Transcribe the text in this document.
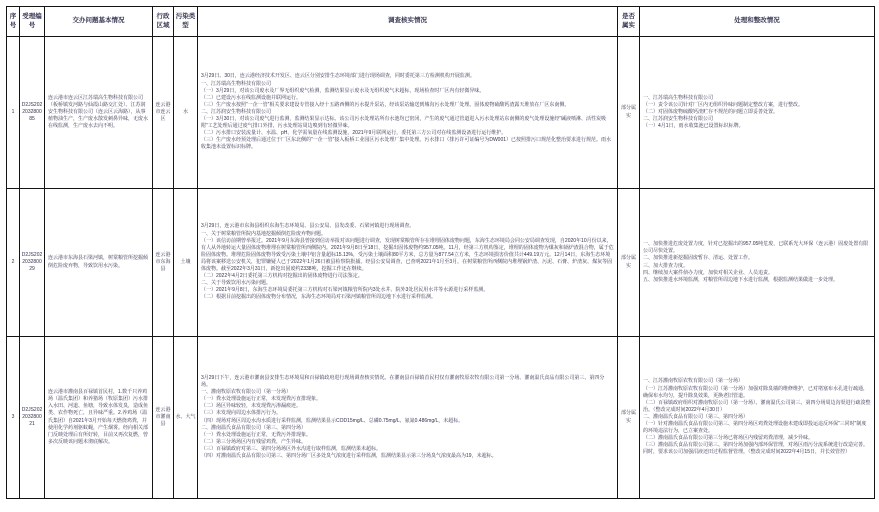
序号	受理编号	交办问题基本情况	行政区域	污染类型	调查核实情况	是否属实	处理和整改情况
1	D2JS202203280085	连云港市连云区江苏瑞高生物科技有限公司（板桥镇发河路与仙霞山路交汇处）、江苏润安生物科技有限公司（连云区云海路），从事植物油生产，生产废水散发刺鼻异味，无废水在线监测，生产废水去向不明。	连云港市连云区	水	
3月29日、30日，连云港经济技术开发区、连云区分别安排生态环境部门进行现场调查，同时委托第三方检测机构开展监测。
一、江苏瑞高生物科技有限公司
（一）3月29日，对该公司废水及厂界无组织废气检测，监测结果显示废水及无组织废气未超标，现场检查时厂区内有轻微异味。
（二）已建设污水在线监测设施并联网运行。
（三）生产废水按照“一企一管”相关要求建设专管接入经十五路西侧的污水提升泵站，经该泵站输送到墟沟污水处理厂处理。固体废物硫酸钙渣露天堆放在厂区东南侧。
二、江苏润安生物科技有限公司
（一）3月30日，对该公司废气进行监测，监测结果显示达标。该公司污水处理站所有水池均已密闭，产生的废气通过管道进入污水处理站东南侧的废气处理设施经“碱液喷淋、活性炭吸附”工艺处理后通过废气排口外排，污水处理站周边嗅到有轻微异味。
（二）污水排口安装流量计、水温、pH、化学需氧量在线监测设施，2021年9月联网运行，委托第三方公司对在线监测设备进行运行维护。
（三）生产废水经预处理后通过位于厂区东北侧的“一企一管”接入板桥工业园区污水处理厂集中处理。污水排口（排污许可证编号为DW001）已按照排污口规范化整治要求进行规范。雨水收集池未设置标识标牌。
	部分属实	
一、江苏瑞高生物科技有限公司
（一）责令该公司针对厂区内无组织异味问题制定整改方案，进行整改。
（二）对固体废物硫酸钙渣贮存不规范的问题立即妥善处置。
二、江苏润安生物科技有限公司
（一）4月1日，雨水收集池已设置标识标牌。

2	D2JS202203280029	连云港市东海县石梁河镇，树棠粮管所挖掘倾倒危险废弃物，导致饮用水污染。	连云港市东海县	土壤	
3月29日，连云港市东海县组织东海生态环境局、县公安局、县发改委、石梁河镇进行现场调查。
一、关于树棠粮管所院内基地挖掘倾倒危险废弃物问题。
（一）该信访前期曾举报过。2021年9月东海县曾接到信访举报对该问题进行调查，发现树棠粮管所存在堆埋固体废物问题，东海生态环境局会同公安局调查发现，自2020年10月份以来，有人从外地转运大量固体废物堆埋在树棠粮管所西侧院内。2021年9月8日至18日，挖掘出固体废物约957.05吨。11月，经第三方机构鉴定，堆埋的固体废物为煤灰和锅炉渣混合物，属于危险固体废物。堆埋危险固体废物导致受污染土壤中铝含量超标15.13%，受污染土壤面积80平方米，总方量为877.54立方米，生态环境损害价值共计449.19万元。12月14日，东海生态环境局将该案移送公安机关，犯罪嫌疑人已于2022年1月26日被县检察院批捕。经县公安局调查，已查明2021年1月至3月，在树棠粮管所西侧院内堆埋锅炉渣、污泥、石膏、炉渣灰、煤灰等固体废物。截至2022年3月31日，新挖出固废约2338吨，挖掘工作还在继续。
（二）2022年4月2日委托第三方机构对挖掘出的固体废物进行司法鉴定。
二、关于导致饮用水污染问题。
（一）2021年9月8日，东海生态环境局委托第三方机构对石梁河镇粮管所院内3处水井、院外3处居民用水井等水源进行采样监测。
（二）根据目前挖掘出的固体废物分布情况，东海生态环境局对石梁河镇粮管所周边地下水进行采样监测。
	部分属实	
一、加快推进危废处置力度，针对已挖掘出的957.05吨危废，已联系光大环保（连云港）固废处置有限公司尽快处置。
二、加快推进新挖掘固废暂存、清运、处置工作。
三、加大排查力度。
四、继续加大案件侦办力度，加快对相关企业、人员追责。
五、加快推进水环境监测，对粮管所周边地下水进行监测，根据监测结果做进一步处理。

3	D2JS202203280021	连云港市灌南县百禄镇首民村，1.数千只养鸡场（温氏集团）和养猪场（牧原集团）污水排入水田、河道、鱼塘，导致水体发臭，造成鱼类、农作物死亡，且异味严重。2.养鸡场（温氏集团）自2021年3月开始每天燃烧鸡粪，并使用化学药剂驱蚊蝇，产生烟雾。经向相关部门反映处理后有所好转，目前又再次复燃，曾多次反映该问题未彻底解决。	连云港市灌南县	水、大气	
3月29日下午，连云港市灌南县安排生态环境局和百禄镇政府进行现场调查核实情况。在灌南县百禄镇首民村仅有灌南牧原农牧有限公司第一分场、灌南温氏食品有限公司第三、第四分场。
一、灌南牧原农牧有限公司（第一分场）
（一）粪水处理设施运行正常，未发现粪污直排现象。
（二）场区异味较轻，未发现粪污渗漏痕迹。
（三）未发现向周边水体排污行为。
（四）现场对场区周边水沟水质进行采样监测，监测结果显示COD15mg/L、总磷0.75mg/L、氨氮0.486mg/L，未超标。
二、灌南温氏食品有限公司（第三、第四分场）
（一）粪水处理设施运行正常，无粪污外排现象。
（二）第三分场场区内有残留鸡粪，产生异味。
（三）百禄镇政府对第三、第四分场场区外水沟进行取样监测，监测结果未超标。
（四）对灌南温氏食品有限公司第三、第四分场厂区多处臭气浓度进行采样监测，监测结果显示第三分场臭气浓度最高为19，未超标。
	部分属实	
一、江苏灌南牧原农牧有限公司（第一分场）
（一）江苏灌南牧原农牧有限公司（第一分场）加强对除臭墙的维修维护，已对堵塞布水孔进行疏通，确保布水均匀，提升除臭效果，更换老旧管道。
（二）百禄镇政府组织对灌南牧原公司（第一分场）、灌南温氏公司第三、第四分场周边沟渠进行疏浚整治。（整改完成时间2022年4月30日）
二、灌南温氏食品有限公司（第三、第四分场）
（一）针对灌南温氏食品有限公司第三、第四分场区鸡粪处理设施未建成即投运违反环保“三同时”制度的环境违法行为，已立案查处。
（二）灌南温氏食品有限公司第三分场已将场区内残留鸡粪清理，减少异味。
（三）灌南温氏食品有限公司第三、第四分场加强内部环保管理，对场区雨污分流系统进行改造完善。同时，要求该公司加强沼液还田过程监督管理。（整改完成时间2022年4月15日，并长效管控）
